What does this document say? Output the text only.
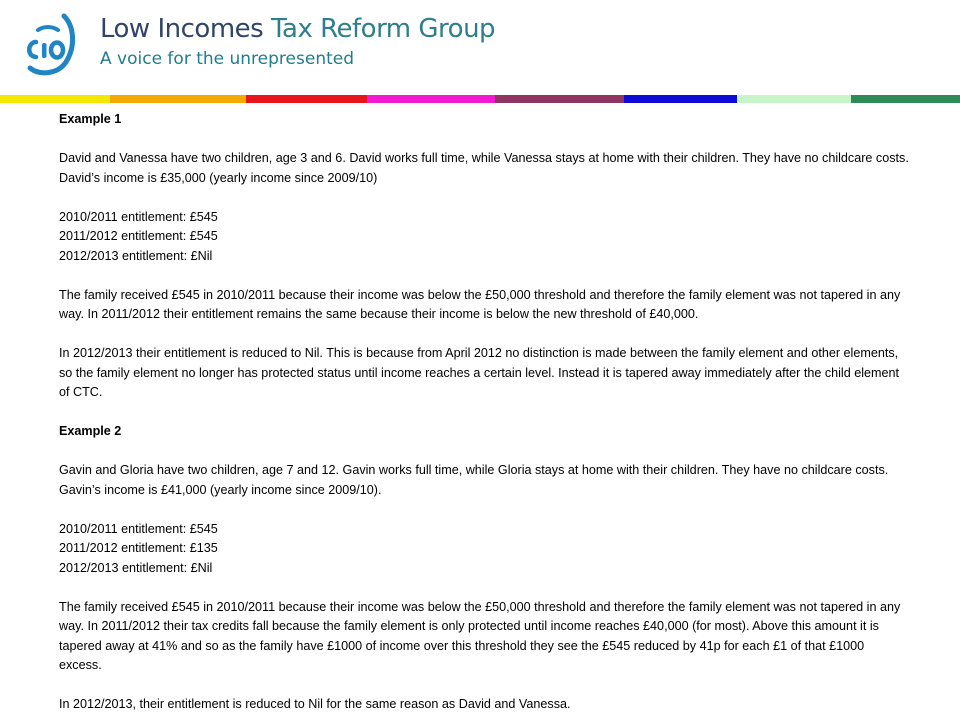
Low Incomes Tax Reform Group
A voice for the unrepresented

Example 1

David and Vanessa have two children, age 3 and 6. David works full time, while Vanessa stays at home with their children. They have no childcare costs. David’s income is £35,000 (yearly income since 2009/10)

2010/2011 entitlement: £545

2011/2012 entitlement: £545

2012/2013 entitlement: £Nil

The family received £545 in 2010/2011 because their income was below the £50,000 threshold and therefore the family element was not tapered in any way. In 2011/2012 their entitlement remains the same because their income is below the new threshold of £40,000.

In 2012/2013 their entitlement is reduced to Nil. This is because from April 2012 no distinction is made between the family element and other elements, so the family element no longer has protected status until income reaches a certain level. Instead it is tapered away immediately after the child element of CTC.

Example 2

Gavin and Gloria have two children, age 7 and 12. Gavin works full time, while Gloria stays at home with their children. They have no childcare costs. Gavin’s income is £41,000 (yearly income since 2009/10).

2010/2011 entitlement: £545

2011/2012 entitlement: £135

2012/2013 entitlement: £Nil

The family received £545 in 2010/2011 because their income was below the £50,000 threshold and therefore the family element was not tapered in any way. In 2011/2012 their tax credits fall because the family element is only protected until income reaches £40,000 (for most). Above this amount it is tapered away at 41% and so as the family have £1000 of income over this threshold they see the £545 reduced by 41p for each £1 of that £1000 excess.

In 2012/2013, their entitlement is reduced to Nil for the same reason as David and Vanessa.
